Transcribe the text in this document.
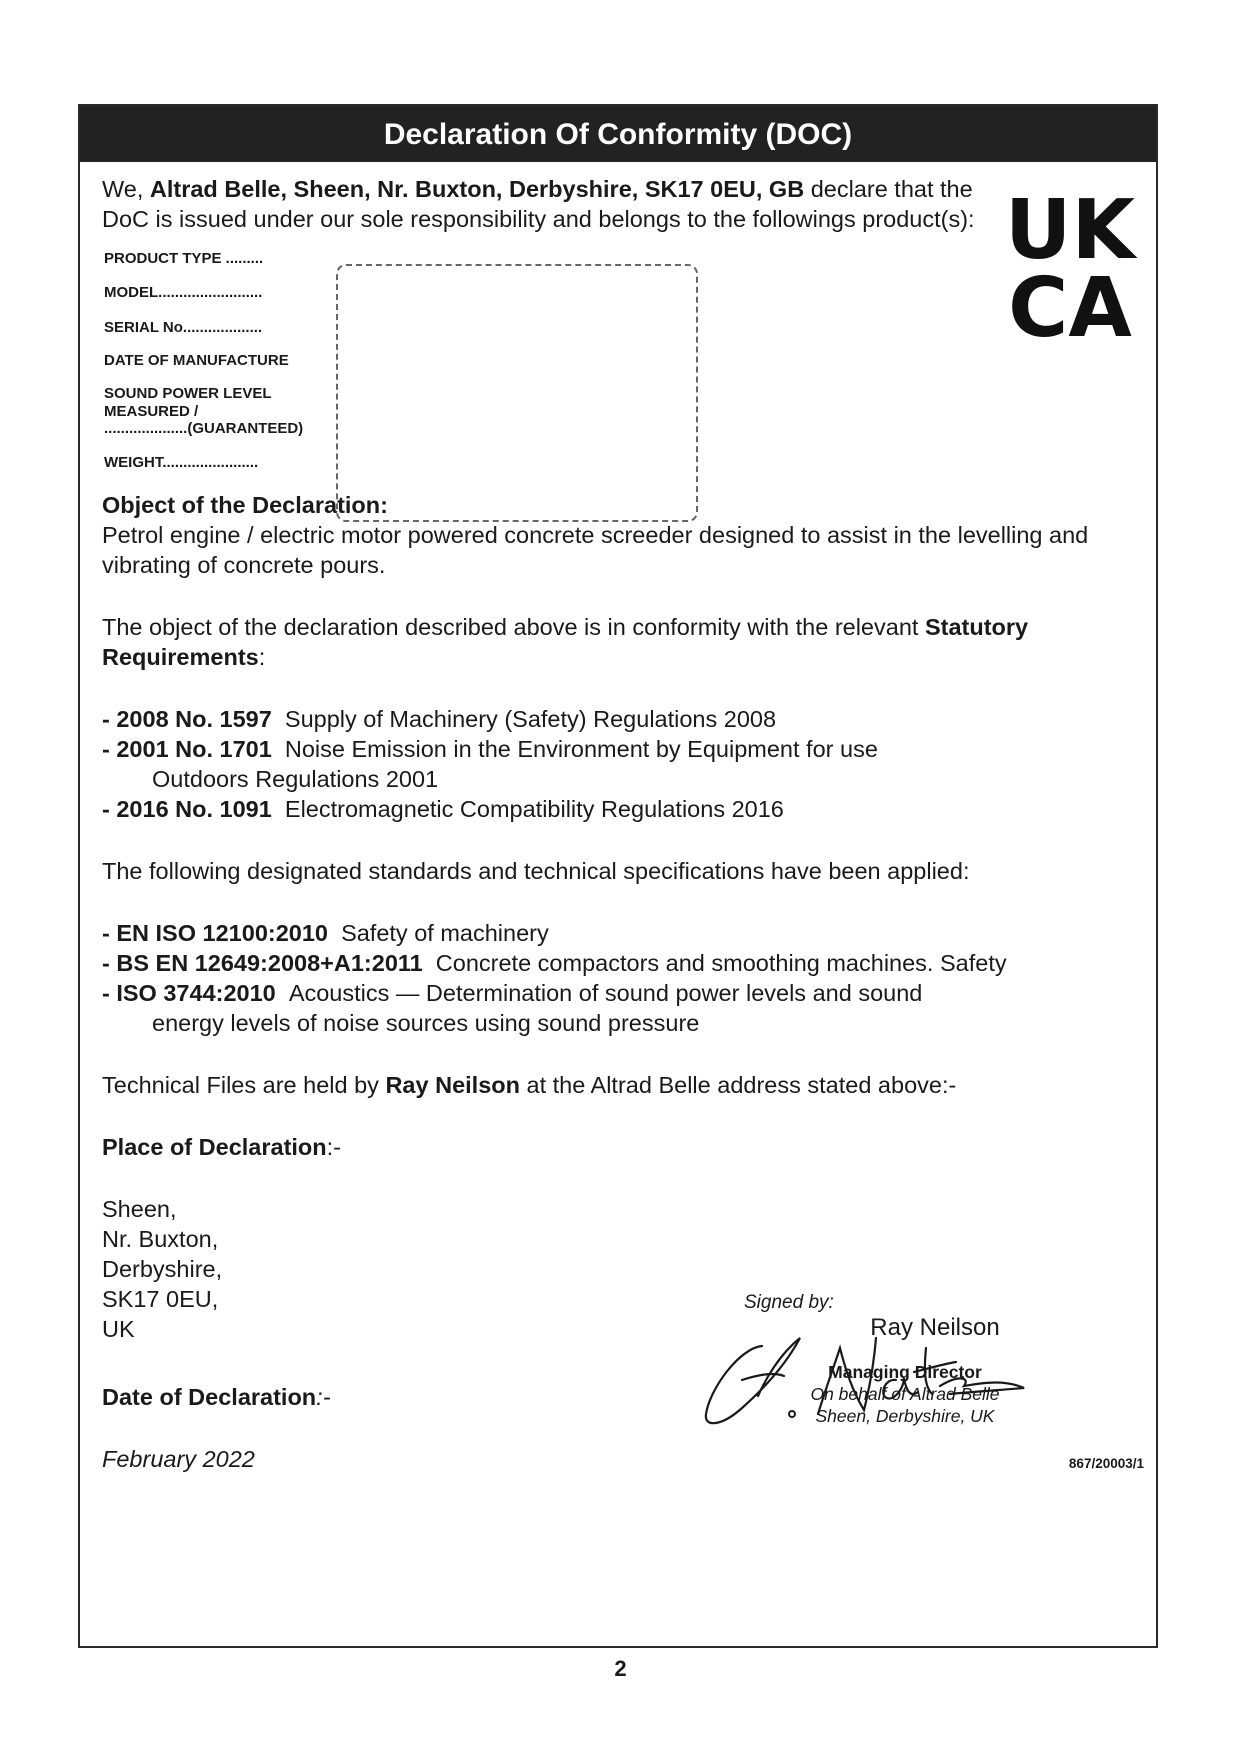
Declaration Of Conformity (DOC)
We, Altrad Belle, Sheen, Nr. Buxton, Derbyshire, SK17 0EU, GB declare that the
DoC is issued under our sole responsibility and belongs to the followings product(s): UK
CA
PRODUCT TYPE .........
MODEL.........................
SERIAL No...................
DATE OF MANUFACTURE
SOUND POWER LEVEL
MEASURED /
....................(GUARANTEED)
WEIGHT.......................
Object of the Declaration:
Petrol engine / electric motor powered concrete screeder designed to assist in the levelling and
vibrating of concrete pours.
The object of the declaration described above is in conformity with the relevant Statutory
Requirements:
- 2008 No. 1597 Supply of Machinery (Safety) Regulations 2008
- 2001 No. 1701 Noise Emission in the Environment by Equipment for use
Outdoors Regulations 2001
- 2016 No. 1091 Electromagnetic Compatibility Regulations 2016
The following designated standards and technical specifications have been applied:
- EN ISO 12100:2010 Safety of machinery
- BS EN 12649:2008+A1:2011 Concrete compactors and smoothing machines. Safety
- ISO 3744:2010 Acoustics — Determination of sound power levels and sound
energy levels of noise sources using sound pressure
Technical Files are held by Ray Neilson at the Altrad Belle address stated above:-
Place of Declaration:-
Sheen,
Nr. Buxton,
Derbyshire,
SK17 0EU,
UK
Date of Declaration:-
February 2022
Signed by:
Ray Neilson
Managing Director
On behalf of Altrad Belle
Sheen, Derbyshire, UK
867/20003/1
2
